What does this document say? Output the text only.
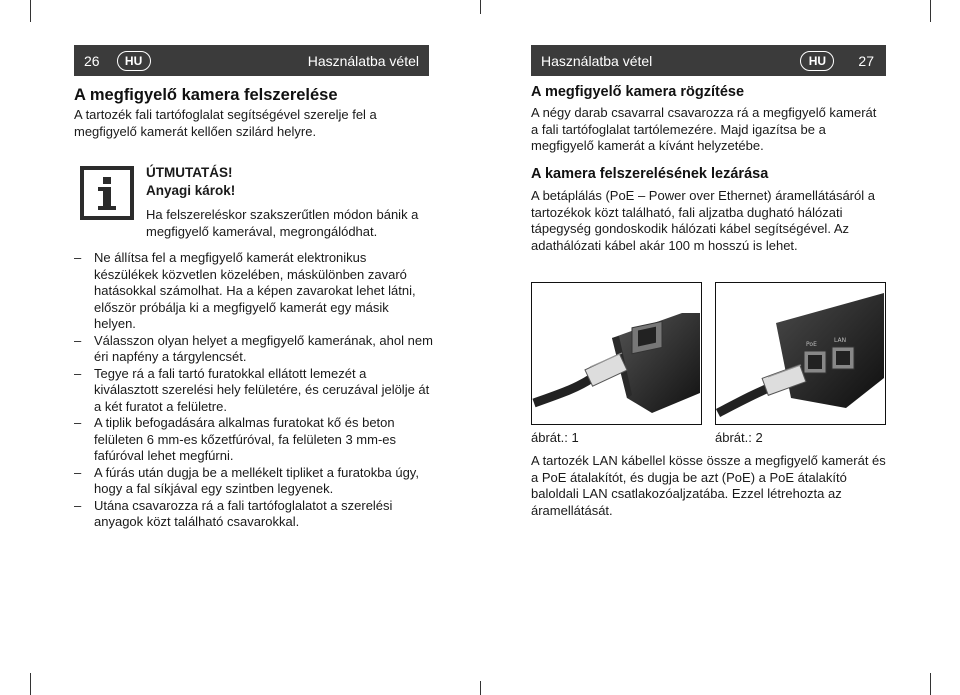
26	HU	Használatba vétel	Használatba vétel	HU	27
A megfigyelő kamera felszerelése

A tartozék fali tartófoglalat segítségével szerelje fel a megfigyelő kamerát kellően szilárd helyre.

ÚTMUTATÁS!
Anyagi károk!
Ha felszereléskor szakszerűtlen módon bánik a megfigyelő kamerával, megrongálódhat.
– Ne állítsa fel a megfigyelő kamerát elektronikus készülékek közvetlen közelében, máskülönben zavaró hatásokkal számolhat. Ha a képen zavarokat lehet látni, először próbálja ki a megfigyelő kamerát egy másik helyen.
– Válasszon olyan helyet a megfigyelő kamerának, ahol nem éri napfény a tárgylencsét.
– Tegye rá a fali tartó furatokkal ellátott lemezét a kiválasztott szerelési hely felületére, és ceruzával jelölje át a két furatot a felületre.
– A tiplik befogadására alkalmas furatokat kő és beton felületen 6 mm-es kőzetfúróval, fa felületen 3 mm-es fafúróval lehet megfúrni.
– A fúrás után dugja be a mellékelt tipliket a furatokba úgy, hogy a fal síkjával egy szintben legyenek.
– Utána csavarozza rá a fali tartófoglalatot a szerelési anyagok közt található csavarokkal.
A megfigyelő kamera rögzítése

A négy darab csavarral csavarozza rá a megfigyelő kamerát a fali tartófoglalat tartólemezére. Majd igazítsa be a megfigyelő kamerát a kívánt helyzetébe.

A kamera felszerelésének lezárása

A betáplálás (PoE – Power over Ethernet) áramellátásáról a tartozékok közt található, fali aljzatba dugható hálózati tápegység gondoskodik hálózati kábel segítségével. Az adathálózati kábel akár 100 m hosszú is lehet.

ábrát.: 1
PoE
LAN
ábrát.: 2

A tartozék LAN kábellel kösse össze a megfigyelő kamerát és a PoE átalakítót, és dugja be azt (PoE) a PoE átalakító baloldali LAN csatlakozóaljzatába. Ezzel létrehozta az áramellátását.
